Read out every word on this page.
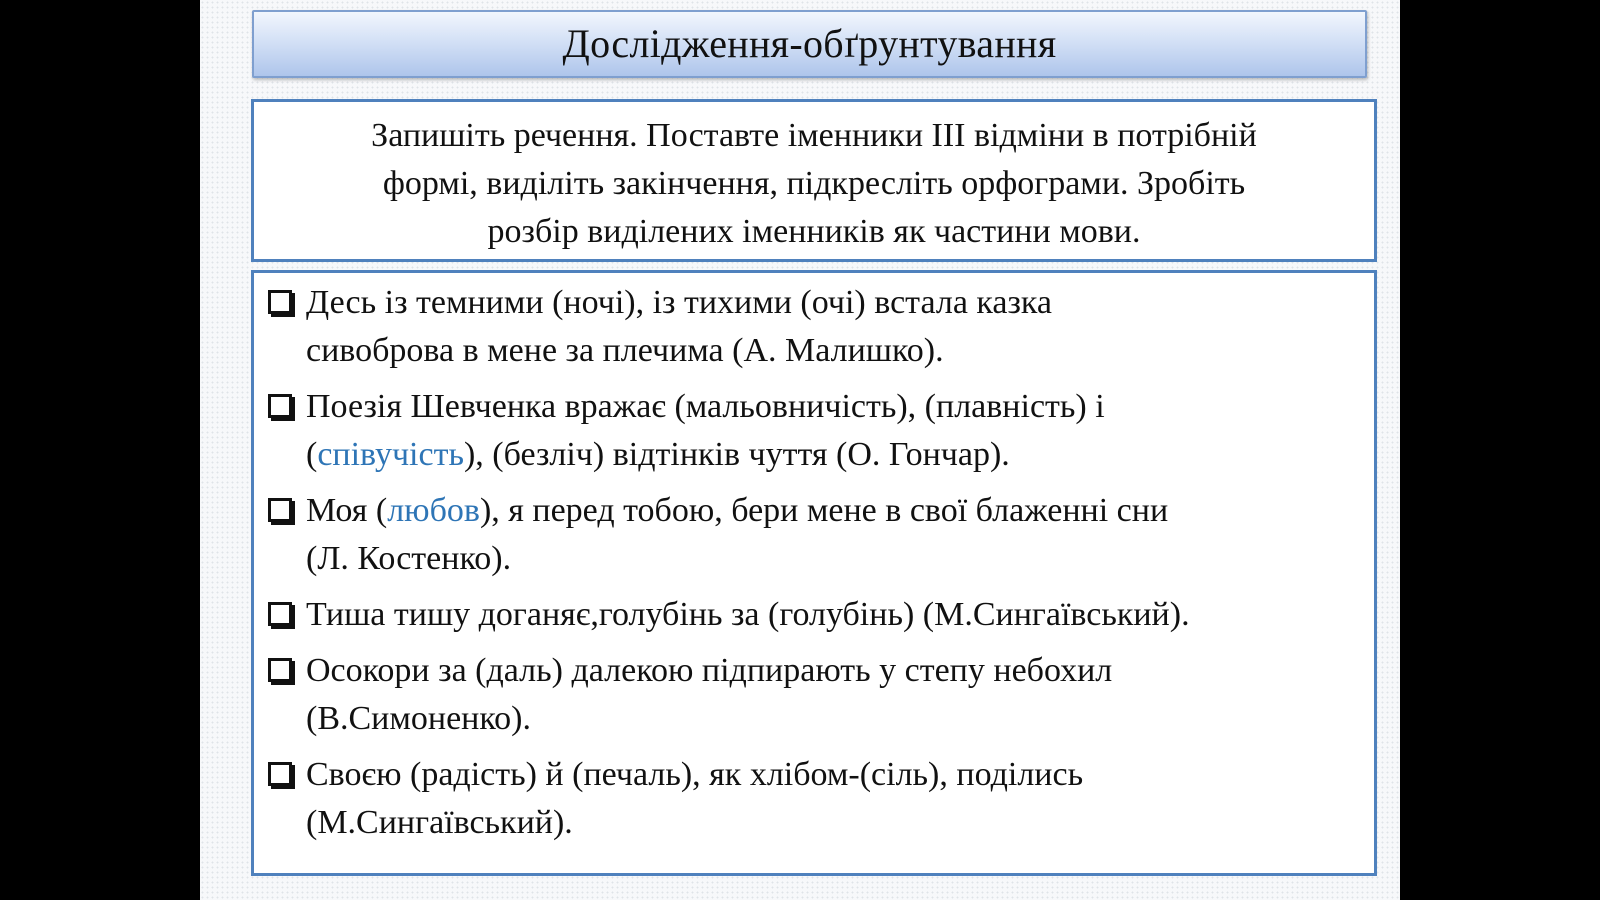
Дослідження-обґрунтування
Запишіть речення. Поставте іменники ІІІ відміни в потрібній
формі, виділіть закінчення, підкресліть орфограми. Зробіть
розбір виділених іменників як частини мови.
Десь із темними (ночі), із тихими (очі) встала казка
сивоброва в мене за плечима (А. Малишко).
Поезія Шевченка вражає (мальовничість), (плавність) і
(співучість), (безліч) відтінків чуття (О. Гончар).
Моя (любов), я перед тобою, бери мене в свої блаженні сни
(Л. Костенко).
Тиша тишу доганяє,голубінь за (голубінь) (М.Сингаївський).
Осокори за (даль) далекою підпирають у степу небохил
(В.Симоненко).
Своєю (радість) й (печаль), як хлібом-(сіль), поділись
(М.Сингаївський).
